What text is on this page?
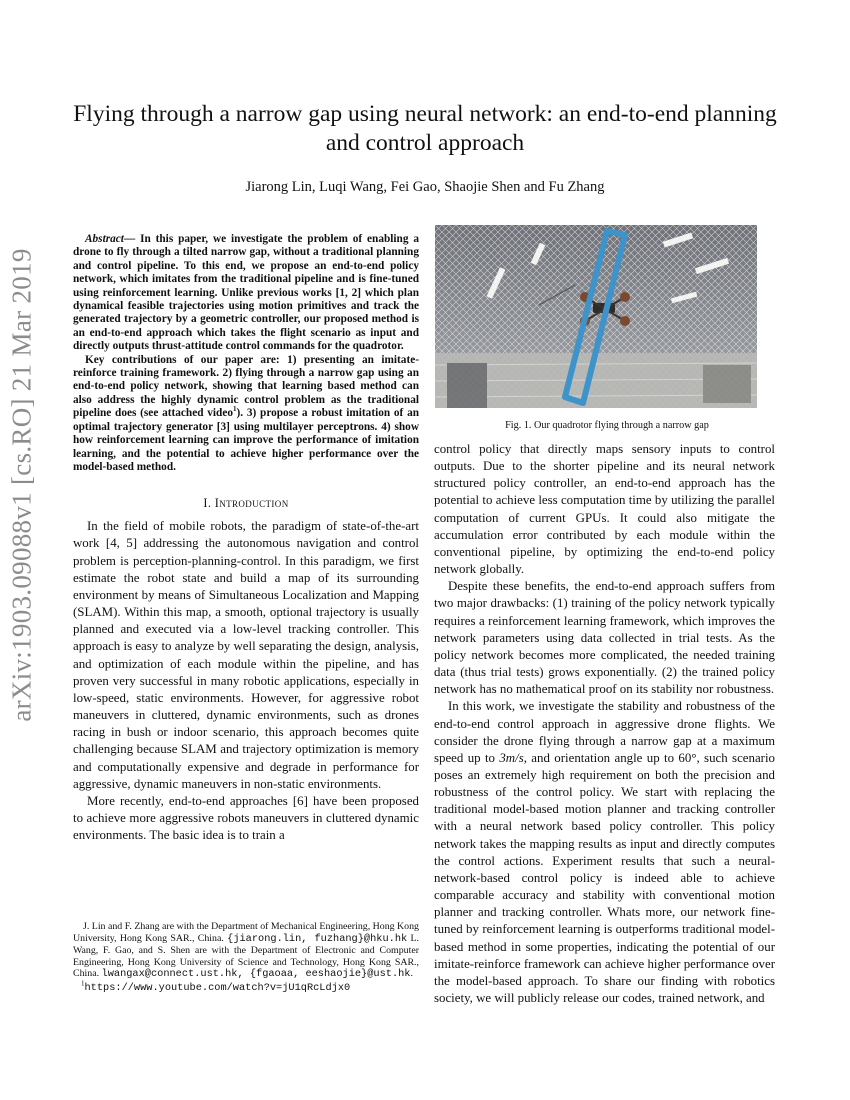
arXiv:1903.09088v1 [cs.RO] 21 Mar 2019
Flying through a narrow gap using neural network: an end-to-end planning and control approach
Jiarong Lin, Luqi Wang, Fei Gao, Shaojie Shen and Fu Zhang

Abstract— In this paper, we investigate the problem of enabling a drone to fly through a tilted narrow gap, without a traditional planning and control pipeline. To this end, we propose an end-to-end policy network, which imitates from the traditional pipeline and is fine-tuned using reinforcement learning. Unlike previous works [1, 2] which plan dynamical feasible trajectories using motion primitives and track the generated trajectory by a geometric controller, our proposed method is an end-to-end approach which takes the flight scenario as input and directly outputs thrust-attitude control commands for the quadrotor.

Key contributions of our paper are: 1) presenting an imitate-reinforce training framework. 2) flying through a narrow gap using an end-to-end policy network, showing that learning based method can also address the highly dynamic control problem as the traditional pipeline does (see attached video$^1$). 3) propose a robust imitation of an optimal trajectory generator [3] using multilayer perceptrons. 4) show how reinforcement learning can improve the performance of imitation learning, and the potential to achieve higher performance over the model-based method.

I. Introduction

In the field of mobile robots, the paradigm of state-of-the-art work [4, 5] addressing the autonomous navigation and control problem is perception-planning-control. In this paradigm, we first estimate the robot state and build a map of its surrounding environment by means of Simultaneous Localization and Mapping (SLAM). Within this map, a smooth, optional trajectory is usually planned and executed via a low-level tracking controller. This approach is easy to analyze by well separating the design, analysis, and optimization of each module within the pipeline, and has proven very successful in many robotic applications, especially in low-speed, static environments. However, for aggressive robot maneuvers in cluttered, dynamic environments, such as drones racing in bush or indoor scenario, this approach becomes quite challenging because SLAM and trajectory optimization is memory and computationally expensive and degrade in performance for aggressive, dynamic maneuvers in non-static environments.

More recently, end-to-end approaches [6] have been proposed to achieve more aggressive robots maneuvers in cluttered dynamic environments. The basic idea is to train a

J. Lin and F. Zhang are with the Department of Mechanical Engineering, Hong Kong University, Hong Kong SAR., China. {jiarong.lin, fuzhang}@hku.hk L. Wang, F. Gao, and S. Shen are with the Department of Electronic and Computer Engineering, Hong Kong University of Science and Technology, Hong Kong SAR., China. lwangax@connect.ust.hk, {fgaoaa, eeshaojie}@ust.hk.

$^1$https://www.youtube.com/watch?v=jU1qRcLdjx0
Fig. 1. Our quadrotor flying through a narrow gap

control policy that directly maps sensory inputs to control outputs. Due to the shorter pipeline and its neural network structured policy controller, an end-to-end approach has the potential to achieve less computation time by utilizing the parallel computation of current GPUs. It could also mitigate the accumulation error contributed by each module within the conventional pipeline, by optimizing the end-to-end policy network globally.

Despite these benefits, the end-to-end approach suffers from two major drawbacks: (1) training of the policy network typically requires a reinforcement learning framework, which improves the network parameters using data collected in trial tests. As the policy network becomes more complicated, the needed training data (thus trial tests) grows exponentially. (2) the trained policy network has no mathematical proof on its stability nor robustness.

In this work, we investigate the stability and robustness of the end-to-end control approach in aggressive drone flights. We consider the drone flying through a narrow gap at a maximum speed up to 3m/s, and orientation angle up to 60°, such scenario poses an extremely high requirement on both the precision and robustness of the control policy. We start with replacing the traditional model-based motion planner and tracking controller with a neural network based policy controller. This policy network takes the mapping results as input and directly computes the control actions. Experiment results that such a neural-network-based control policy is indeed able to achieve comparable accuracy and stability with conventional motion planner and tracking controller. Whats more, our network fine-tuned by reinforcement learning is outperforms traditional model-based method in some properties, indicating the potential of our imitate-reinforce framework can achieve higher performance over the model-based approach. To share our finding with robotics society, we will publicly release our codes, trained network, and
